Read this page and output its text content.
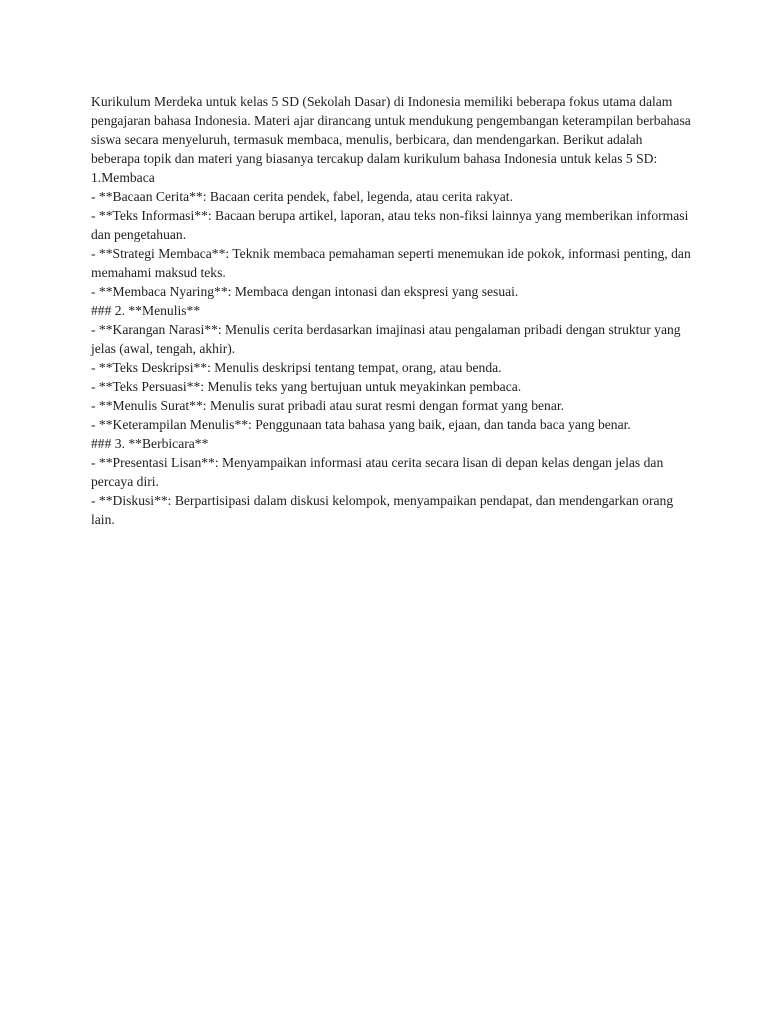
Kurikulum Merdeka untuk kelas 5 SD (Sekolah Dasar) di Indonesia memiliki beberapa fokus utama dalam pengajaran bahasa Indonesia. Materi ajar dirancang untuk mendukung pengembangan keterampilan berbahasa siswa secara menyeluruh, termasuk membaca, menulis, berbicara, dan mendengarkan. Berikut adalah beberapa topik dan materi yang biasanya tercakup dalam kurikulum bahasa Indonesia untuk kelas 5 SD:

1.Membaca

- **Bacaan Cerita**: Bacaan cerita pendek, fabel, legenda, atau cerita rakyat.

- **Teks Informasi**: Bacaan berupa artikel, laporan, atau teks non-fiksi lainnya yang memberikan informasi dan pengetahuan.

- **Strategi Membaca**: Teknik membaca pemahaman seperti menemukan ide pokok, informasi penting, dan memahami maksud teks.

- **Membaca Nyaring**: Membaca dengan intonasi dan ekspresi yang sesuai.

### 2. **Menulis**

- **Karangan Narasi**: Menulis cerita berdasarkan imajinasi atau pengalaman pribadi dengan struktur yang jelas (awal, tengah, akhir).

- **Teks Deskripsi**: Menulis deskripsi tentang tempat, orang, atau benda.

- **Teks Persuasi**: Menulis teks yang bertujuan untuk meyakinkan pembaca.

- **Menulis Surat**: Menulis surat pribadi atau surat resmi dengan format yang benar.

- **Keterampilan Menulis**: Penggunaan tata bahasa yang baik, ejaan, dan tanda baca yang benar.

### 3. **Berbicara**

- **Presentasi Lisan**: Menyampaikan informasi atau cerita secara lisan di depan kelas dengan jelas dan percaya diri.

- **Diskusi**: Berpartisipasi dalam diskusi kelompok, menyampaikan pendapat, dan mendengarkan orang lain.
